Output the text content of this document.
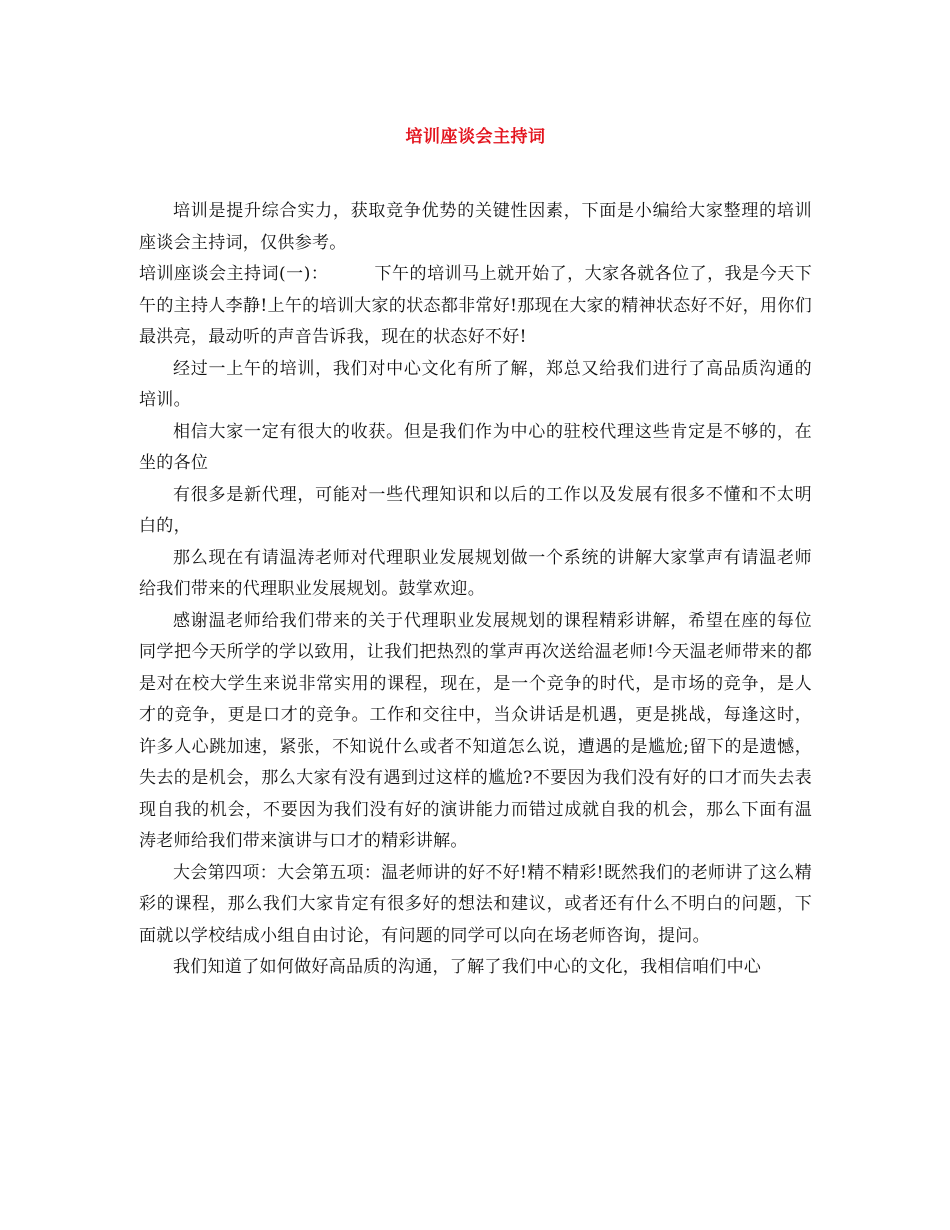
培训座谈会主持词

培训是提升综合实力，获取竞争优势的关键性因素，下面是小编给大家整理的培训座谈会主持词，仅供参考。

培训座谈会主持词(一)：	下午的培训马上就开始了，大家各就各位了，我是今天下午的主持人李静!上午的培训大家的状态都非常好!那现在大家的精神状态好不好，用你们最洪亮，最动听的声音告诉我，现在的状态好不好!

经过一上午的培训，我们对中心文化有所了解，郑总又给我们进行了高品质沟通的培训。

相信大家一定有很大的收获。但是我们作为中心的驻校代理这些肯定是不够的，在坐的各位

有很多是新代理，可能对一些代理知识和以后的工作以及发展有很多不懂和不太明白的，

那么现在有请温涛老师对代理职业发展规划做一个系统的讲解大家掌声有请温老师给我们带来的代理职业发展规划。鼓掌欢迎。

感谢温老师给我们带来的关于代理职业发展规划的课程精彩讲解，希望在座的每位同学把今天所学的学以致用，让我们把热烈的掌声再次送给温老师!今天温老师带来的都是对在校大学生来说非常实用的课程，现在，是一个竞争的时代，是市场的竞争，是人才的竞争，更是口才的竞争。工作和交往中，当众讲话是机遇，更是挑战，每逢这时，许多人心跳加速，紧张，不知说什么或者不知道怎么说，遭遇的是尴尬;留下的是遗憾，失去的是机会，那么大家有没有遇到过这样的尴尬?不要因为我们没有好的口才而失去表现自我的机会，不要因为我们没有好的演讲能力而错过成就自我的机会，那么下面有温涛老师给我们带来演讲与口才的精彩讲解。

大会第四项：大会第五项：温老师讲的好不好!精不精彩!既然我们的老师讲了这么精彩的课程，那么我们大家肯定有很多好的想法和建议，或者还有什么不明白的问题，下面就以学校结成小组自由讨论，有问题的同学可以向在场老师咨询，提问。

我们知道了如何做好高品质的沟通，了解了我们中心的文化，我相信咱们中心
